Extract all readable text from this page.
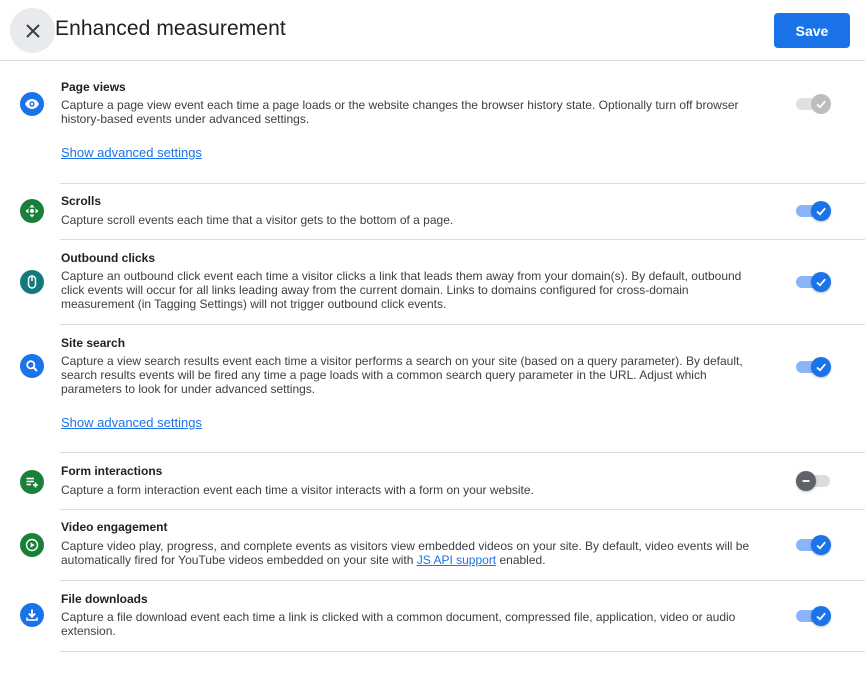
Enhanced measurement	Save
Page views
Capture a page view event each time a page loads or the website changes the browser history state. Optionally turn off browser history-based events under advanced settings.
Show advanced settings
Scrolls
Capture scroll events each time that a visitor gets to the bottom of a page.
Outbound clicks
Capture an outbound click event each time a visitor clicks a link that leads them away from your domain(s). By default, outbound click events will occur for all links leading away from the current domain. Links to domains configured for cross-domain measurement (in Tagging Settings) will not trigger outbound click events.
Site search
Capture a view search results event each time a visitor performs a search on your site (based on a query parameter). By default, search results events will be fired any time a page loads with a common search query parameter in the URL. Adjust which parameters to look for under advanced settings.
Show advanced settings
Form interactions
Capture a form interaction event each time a visitor interacts with a form on your website.
Video engagement
Capture video play, progress, and complete events as visitors view embedded videos on your site. By default, video events will be automatically fired for YouTube videos embedded on your site with JS API support enabled.
File downloads
Capture a file download event each time a link is clicked with a common document, compressed file, application, video or audio extension.
